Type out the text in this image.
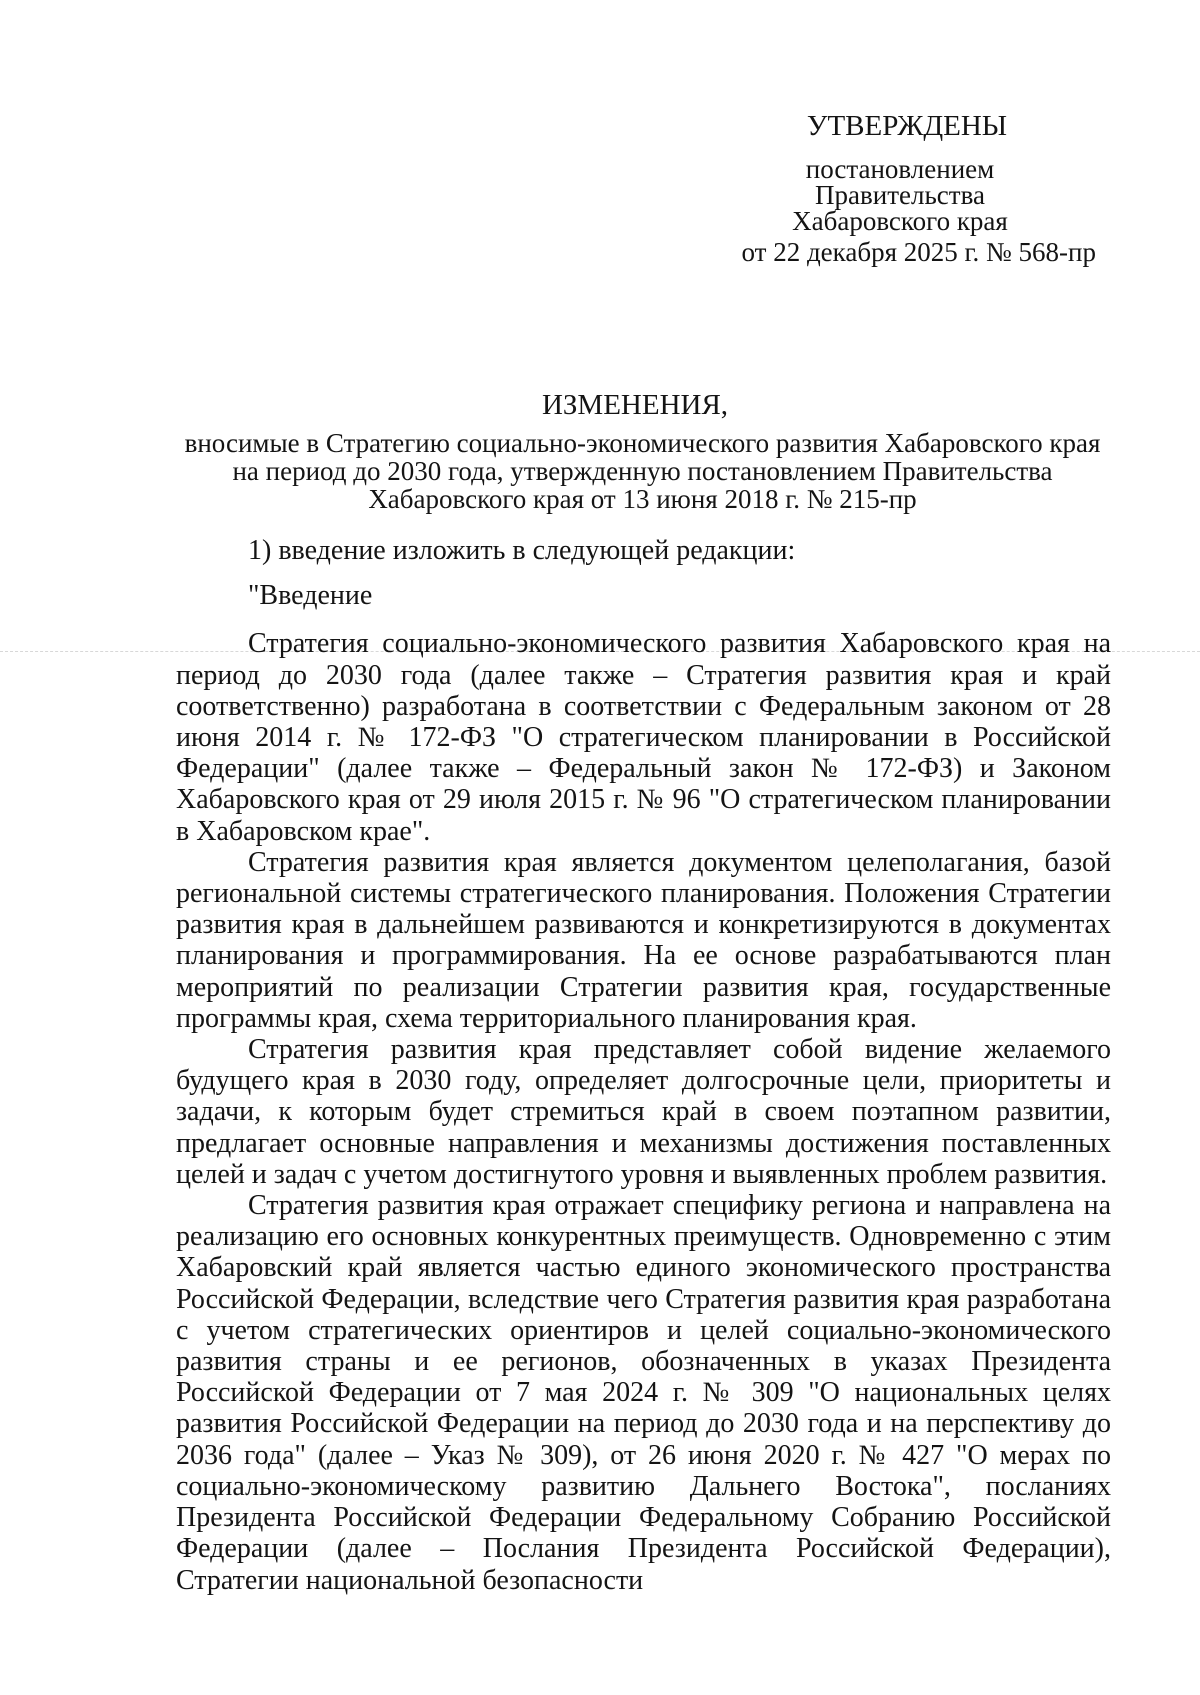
УТВЕРЖДЕНЫ
постановлением
Правительства
Хабаровского края
от 22 декабря 2025 г. № 568-пр
ИЗМЕНЕНИЯ,
вносимые в Стратегию социально-экономического развития Хабаровского края на период до 2030 года, утвержденную постановлением Правительства Хабаровского края от 13 июня 2018 г. № 215-пр

1) введение изложить в следующей редакции:

"Введение

Стратегия социально-экономического развития Хабаровского края на период до 2030 года (далее также – Стратегия развития края и край соответственно) разработана в соответствии с Федеральным законом от 28 июня 2014 г. № 172-ФЗ "О стратегическом планировании в Российской Федерации" (далее также – Федеральный закон № 172-ФЗ) и Законом Хабаровского края от 29 июля 2015 г. № 96 "О стратегическом планировании в Хабаровском крае".

Стратегия развития края является документом целеполагания, базой региональной системы стратегического планирования. Положения Стратегии развития края в дальнейшем развиваются и конкретизируются в документах планирования и программирования. На ее основе разрабатываются план мероприятий по реализации Стратегии развития края, государственные программы края, схема территориального планирования края.

Стратегия развития края представляет собой видение желаемого будущего края в 2030 году, определяет долгосрочные цели, приоритеты и задачи, к которым будет стремиться край в своем поэтапном развитии, предлагает основные направления и механизмы достижения поставленных целей и задач с учетом достигнутого уровня и выявленных проблем развития.

Стратегия развития края отражает специфику региона и направлена на реализацию его основных конкурентных преимуществ. Одновременно с этим Хабаровский край является частью единого экономического пространства Российской Федерации, вследствие чего Стратегия развития края разработана с учетом стратегических ориентиров и целей социально-экономического развития страны и ее регионов, обозначенных в указах Президента Российской Федерации от 7 мая 2024 г. № 309 "О национальных целях развития Российской Федерации на период до 2030 года и на перспективу до 2036 года" (далее – Указ № 309), от 26 июня 2020 г. № 427 "О мерах по социально-экономическому развитию Дальнего Востока", посланиях Президента Российской Федерации Федеральному Собранию Российской Федерации (далее – Послания Президента Российской Федерации), Стратегии национальной безопасности
